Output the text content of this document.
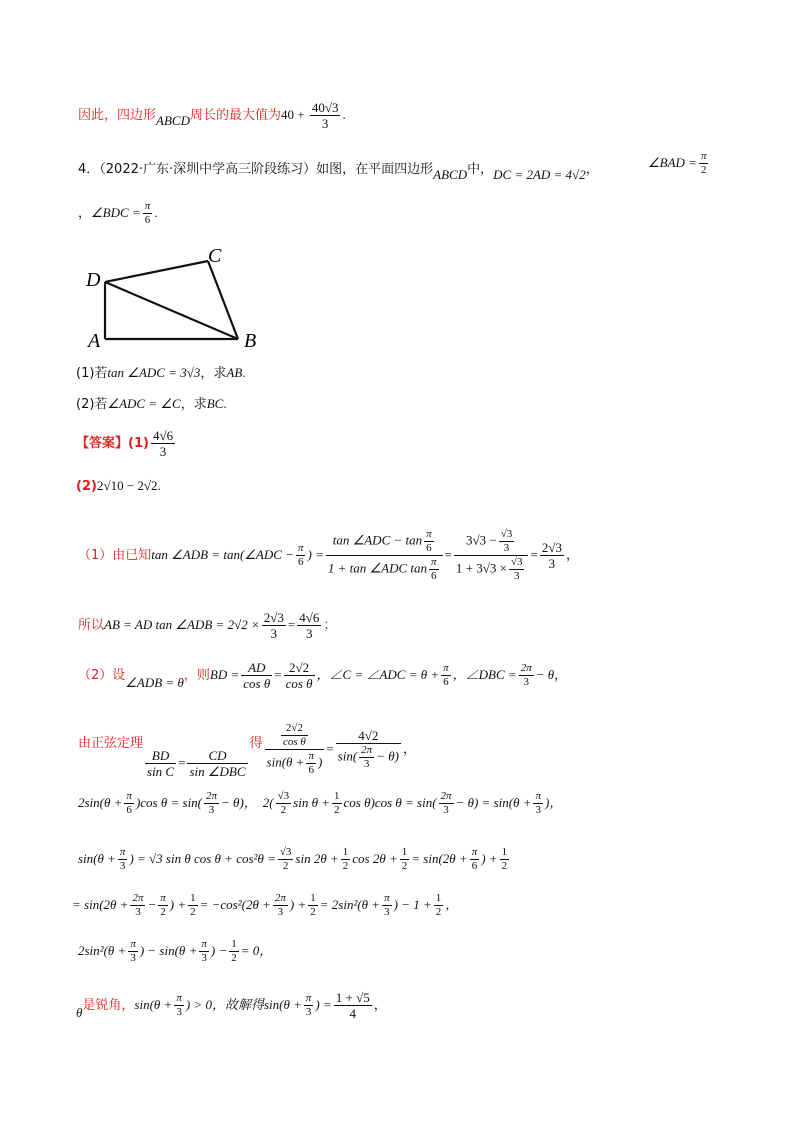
因此，四边形ABCD周长的最大值为$40 + \frac{40√3}{3}$ .
4．（2022·广东·深圳中学高三阶段练习）如图，在平面四边形ABCD中，DC = 2AD = 4√2，	∠BAD = $\frac{\pi}{2}$
，∠BDC = $\frac{\pi}{6}$ .
D
A	B
C
(1)若tan ∠ADC = 3√3，求AB.
(2)若∠ADC = ∠C，求BC.
【答案】$(1) \frac{4√6}{3}$
(2)2√10 − 2√2.
（1）由已知tan ∠ADB = tan(∠ADC − $\frac{\pi}{6}$ ) = $\frac{\tan \angle ADC - \tan \frac{\pi}{6}}{1 + \tan \angle ADC \tan \frac{\pi}{6}} = \frac{3√3 - \frac{√3}{3}}{1 + 3√3 \times \frac{√3}{3}} = \frac{2√3}{3}$ ，
所以AB = AD tan ∠ADB = $2√2 \times \frac{2√3}{3} = \frac{4√6}{3}$ ；
（2）设∠ADB = θ，则BD = $\frac{AD}{\text{cos θ}} = \frac{2√2}{\text{cos θ}}$ ，∠C = ∠ADC = $\theta + \frac{\pi}{6}$ ，∠DBC = $\frac{2\pi}{3} - \theta$，
由正弦定理
$\frac{BD}{\text{sin C}} = \frac{CD}{\text{sin ∠DBC}}$
得 $\frac{\frac{2√2}{\text{cos θ}}}{\sin(\theta + \frac{\pi}{6} )} = \frac{4√2}{\sin( \frac{2\pi}{3} - \theta)}$ ，
$2\sin(\theta + \frac{\pi}{6} )\cos$ $\theta = \sin( \frac{2\pi}{3} - \theta)$， $2( \frac{√3}{2}$ $\sin \theta + \frac{1}{2}$ cos θ)cos $\theta = \sin( \frac{2\pi}{3} - \theta) = \sin(\theta + \frac{\pi}{3}$ )，
$\sin(\theta + \frac{\pi}{3}$ ) = √3 sin θ $\cos \theta + \cos^2\theta = \frac{√3}{2}$ $\sin 2\theta + \frac{1}{2}$ $\cos 2\theta + \frac{1}{2} = \sin(2\theta + \frac{\pi}{6}$ ) + $\frac{1}{2}$
= $\sin(2\theta + \frac{2\pi}{3} - \frac{\pi}{2}$ ) + $\frac{1}{2} = -\cos^2(2\theta + \frac{2\pi}{3}$ ) + $\frac{1}{2} = 2\sin^2(\theta + \frac{\pi}{3}$ ) − $1 + \frac{1}{2}$ ，
$2\sin^2(\theta + \frac{\pi}{3}$ ) − $\sin(\theta + \frac{\pi}{3}$ ) − $\frac{1}{2} = 0$，
θ是锐角，$\sin(\theta + \frac{\pi}{3}$ ) > 0，故解得$\sin(\theta + \frac{\pi}{3}$ ) = $\frac{1 + √5}{4}$ ，
